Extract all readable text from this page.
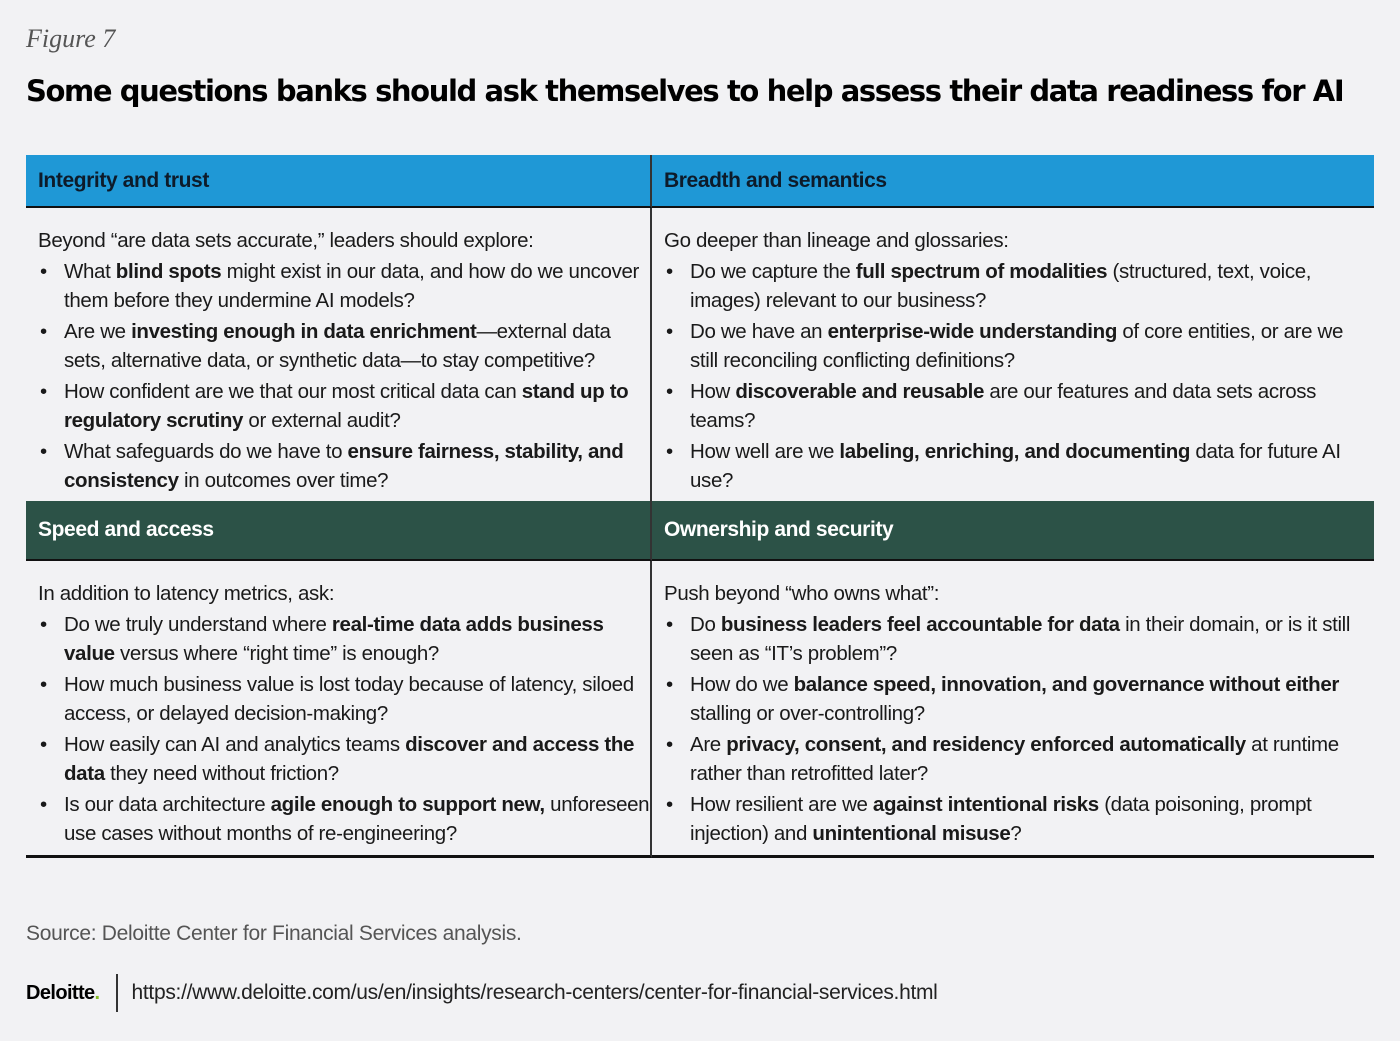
Figure 7
Some questions banks should ask themselves to help assess their data readiness for AI
Integrity and trust	Breadth and semantics

Beyond “are data sets accurate,” leaders should explore:

• What blind spots might exist in our data, and how do we uncover them before they undermine AI models?
• Are we investing enough in data enrichment—external data sets, alternative data, or synthetic data—to stay competitive?
• How confident are we that our most critical data can stand up to regulatory scrutiny or external audit?
• What safeguards do we have to ensure fairness, stability, and consistency in outcomes over time?

Go deeper than lineage and glossaries:

• Do we capture the full spectrum of modalities (structured, text, voice, images) relevant to our business?
• Do we have an enterprise-wide understanding of core entities, or are we still reconciling conflicting definitions?
• How discoverable and reusable are our features and data sets across teams?
• How well are we labeling, enriching, and documenting data for future AI use?
Speed and access	Ownership and security

In addition to latency metrics, ask:

• Do we truly understand where real-time data adds business value versus where “right time” is enough?
• How much business value is lost today because of latency, siloed access, or delayed decision-making?
• How easily can AI and analytics teams discover and access the data they need without friction?
• Is our data architecture agile enough to support new, unforeseen use cases without months of re-engineering?

Push beyond “who owns what”:

• Do business leaders feel accountable for data in their domain, or is it still seen as “IT’s problem”?
• How do we balance speed, innovation, and governance without either stalling or over-controlling?
• Are privacy, consent, and residency enforced automatically at runtime rather than retrofitted later?
• How resilient are we against intentional risks (data poisoning, prompt injection) and unintentional misuse?
Source: Deloitte Center for Financial Services analysis.
Deloitte. https://www.deloitte.com/us/en/insights/research-centers/center-for-financial-services.html
